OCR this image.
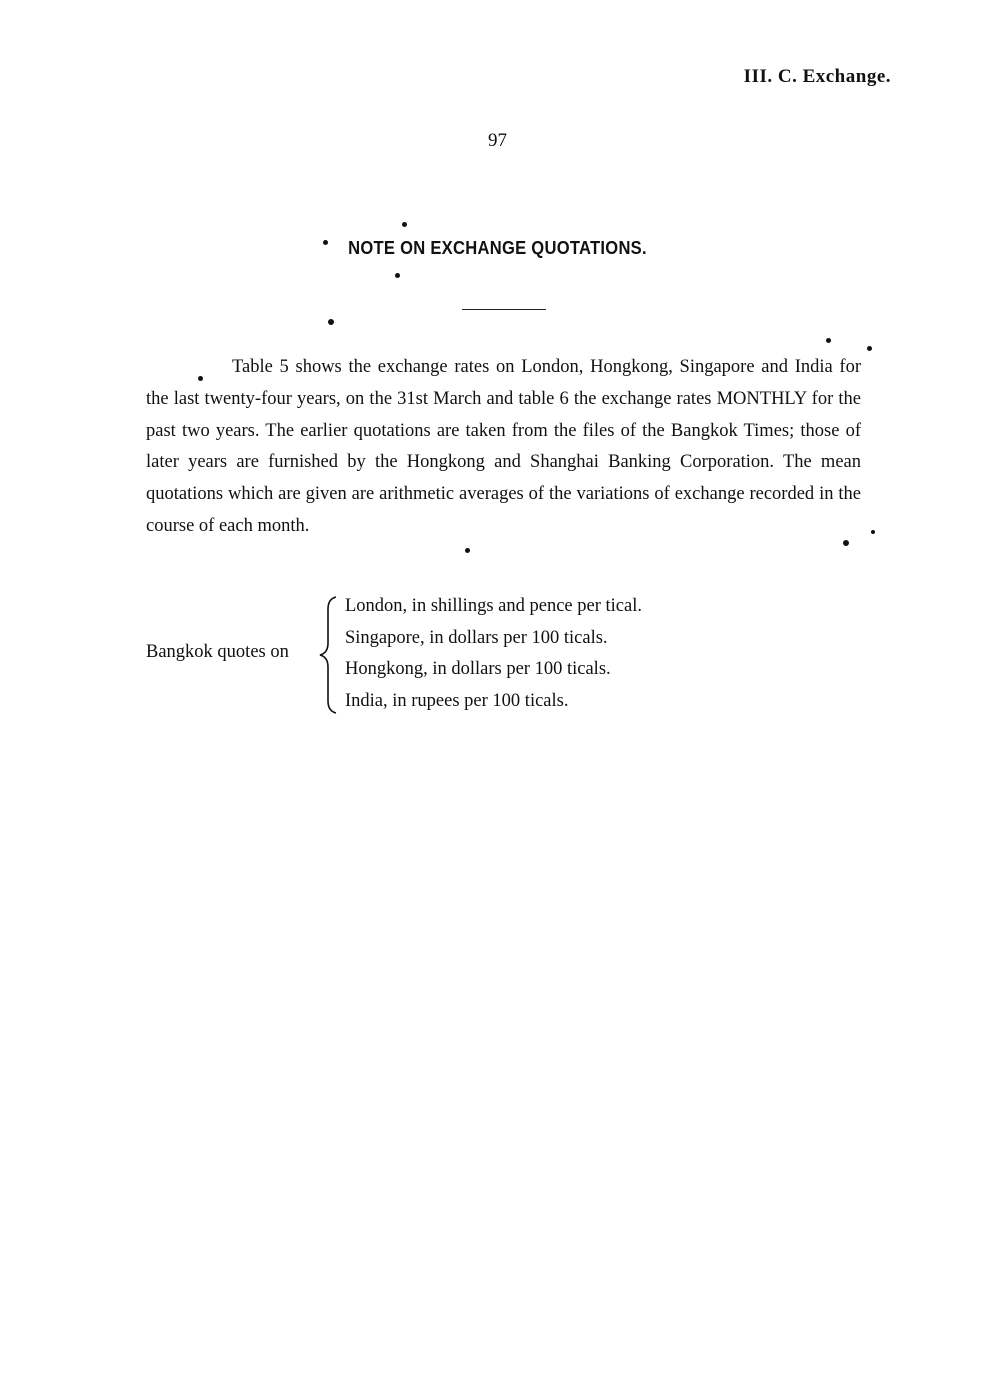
III. C. Exchange.
97
NOTE ON EXCHANGE QUOTATIONS.

Table 5 shows the exchange rates on London, Hongkong, Singapore and India for the last twenty-four years, on the 31st March and table 6 the exchange rates MONTHLY for the past two years. The earlier quotations are taken from the files of the Bangkok Times; those of later years are furnished by the Hongkong and Shanghai Banking Corporation. The mean quotations which are given are arithmetic averages of the variations of exchange recorded in the course of each month.

Bangkok quotes on
London, in shillings and pence per tical.
Singapore, in dollars per 100 ticals.
Hongkong, in dollars per 100 ticals.
India, in rupees per 100 ticals.
